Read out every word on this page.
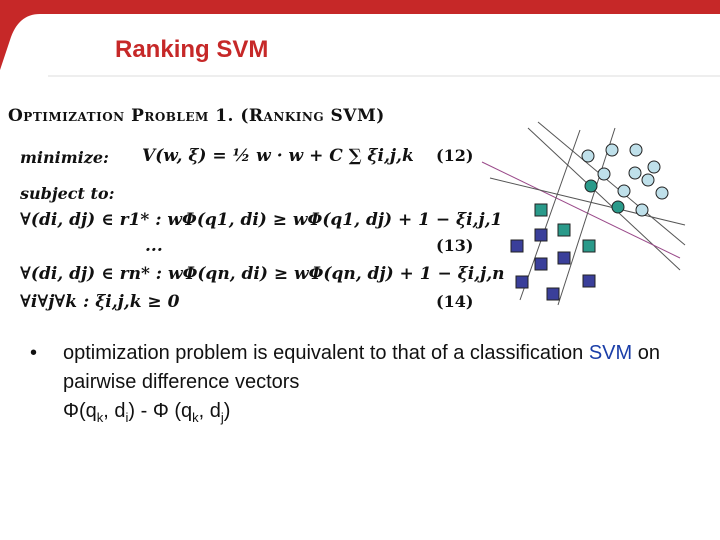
Ranking SVM
Optimization Problem 1. (Ranking SVM)
minimize: V(w, ξ) = ½ w · w + C ∑ ξi,j,k (12)
subject to:
∀(di, dj) ∈ r1* : wΦ(q1, di) ≥ wΦ(q1, dj) + 1 − ξi,j,1
...	(13)
∀(di, dj) ∈ rn* : wΦ(qn, di) ≥ wΦ(qn, dj) + 1 − ξi,j,n
∀i∀j∀k : ξi,j,k ≥ 0	(14)
• optimization problem is equivalent to that of a classification SVM on pairwise difference vectors
$\Phi(q_k$, $d_i$) - Φ ($q_k$, $d_j$)
